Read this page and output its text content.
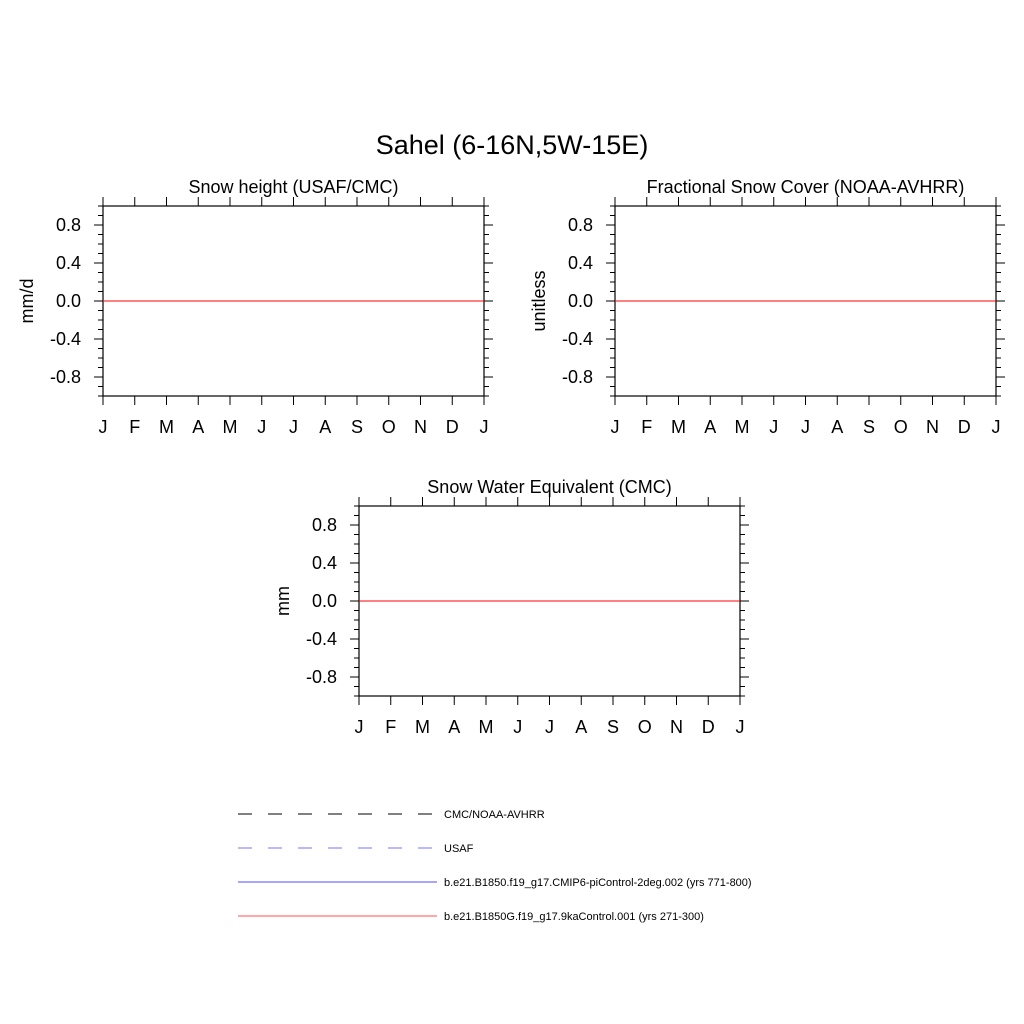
Sahel (6-16N,5W-15E)
Snow height (USAF/CMC)
mm/d
J F M A M J J A S O N D J
0.8
0.4
0.0
-0.4
-0.8
Fractional Snow Cover (NOAA-AVHRR)
unitless
J F M A M J J A S O N D J
0.8
0.4
0.0
-0.4
-0.8
Snow Water Equivalent (CMC)
mm
J F M A M J J A S O N D J
0.8
0.4
0.0
-0.4
-0.8
CMC/NOAA-AVHRR
USAF
b.e21.B1850.f19_g17.CMIP6-piControl-2deg.002 (yrs 771-800)
b.e21.B1850G.f19_g17.9kaControl.001 (yrs 271-300)
